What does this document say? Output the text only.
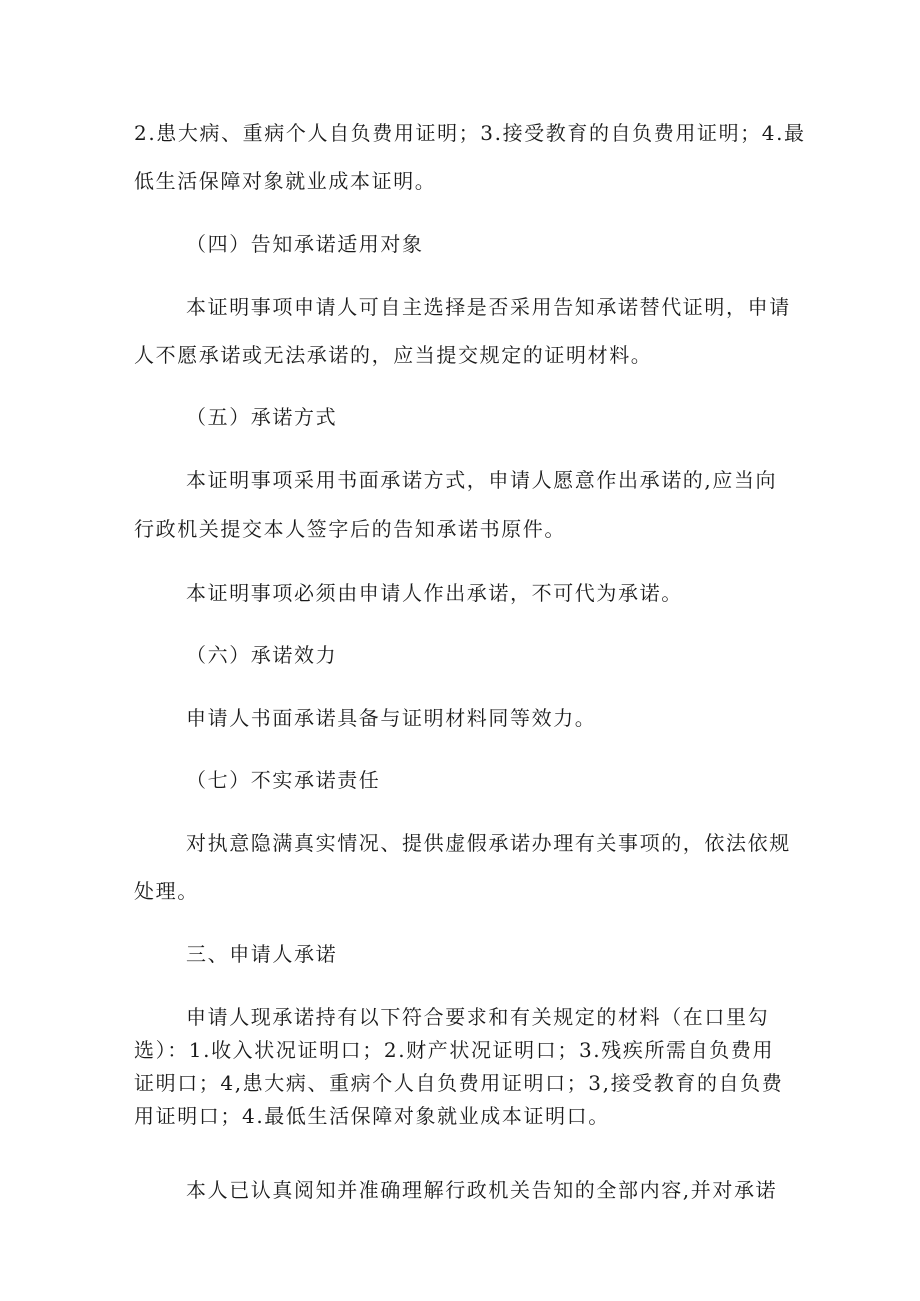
2.患大病、重病个人自负费用证明；3.接受教育的自负费用证明；4.最
低生活保障对象就业成本证明。
（四）告知承诺适用对象
本证明事项申请人可自主选择是否采用告知承诺替代证明，申请
人不愿承诺或无法承诺的，应当提交规定的证明材料。
（五）承诺方式
本证明事项采用书面承诺方式，申请人愿意作出承诺的,应当向
行政机关提交本人签字后的告知承诺书原件。
本证明事项必须由申请人作出承诺，不可代为承诺。
（六）承诺效力
申请人书面承诺具备与证明材料同等效力。
（七）不实承诺责任
对执意隐满真实情况、提供虚假承诺办理有关事项的，依法依规
处理。
三、申请人承诺
申请人现承诺持有以下符合要求和有关规定的材料（在口里勾
选）：1.收入状况证明口；2.财产状况证明口；3.残疾所需自负费用
证明口；4,患大病、重病个人自负费用证明口；3,接受教育的自负费
用证明口；4.最低生活保障对象就业成本证明口。
本人已认真阅知并准确理解行政机关告知的全部内容,并对承诺
